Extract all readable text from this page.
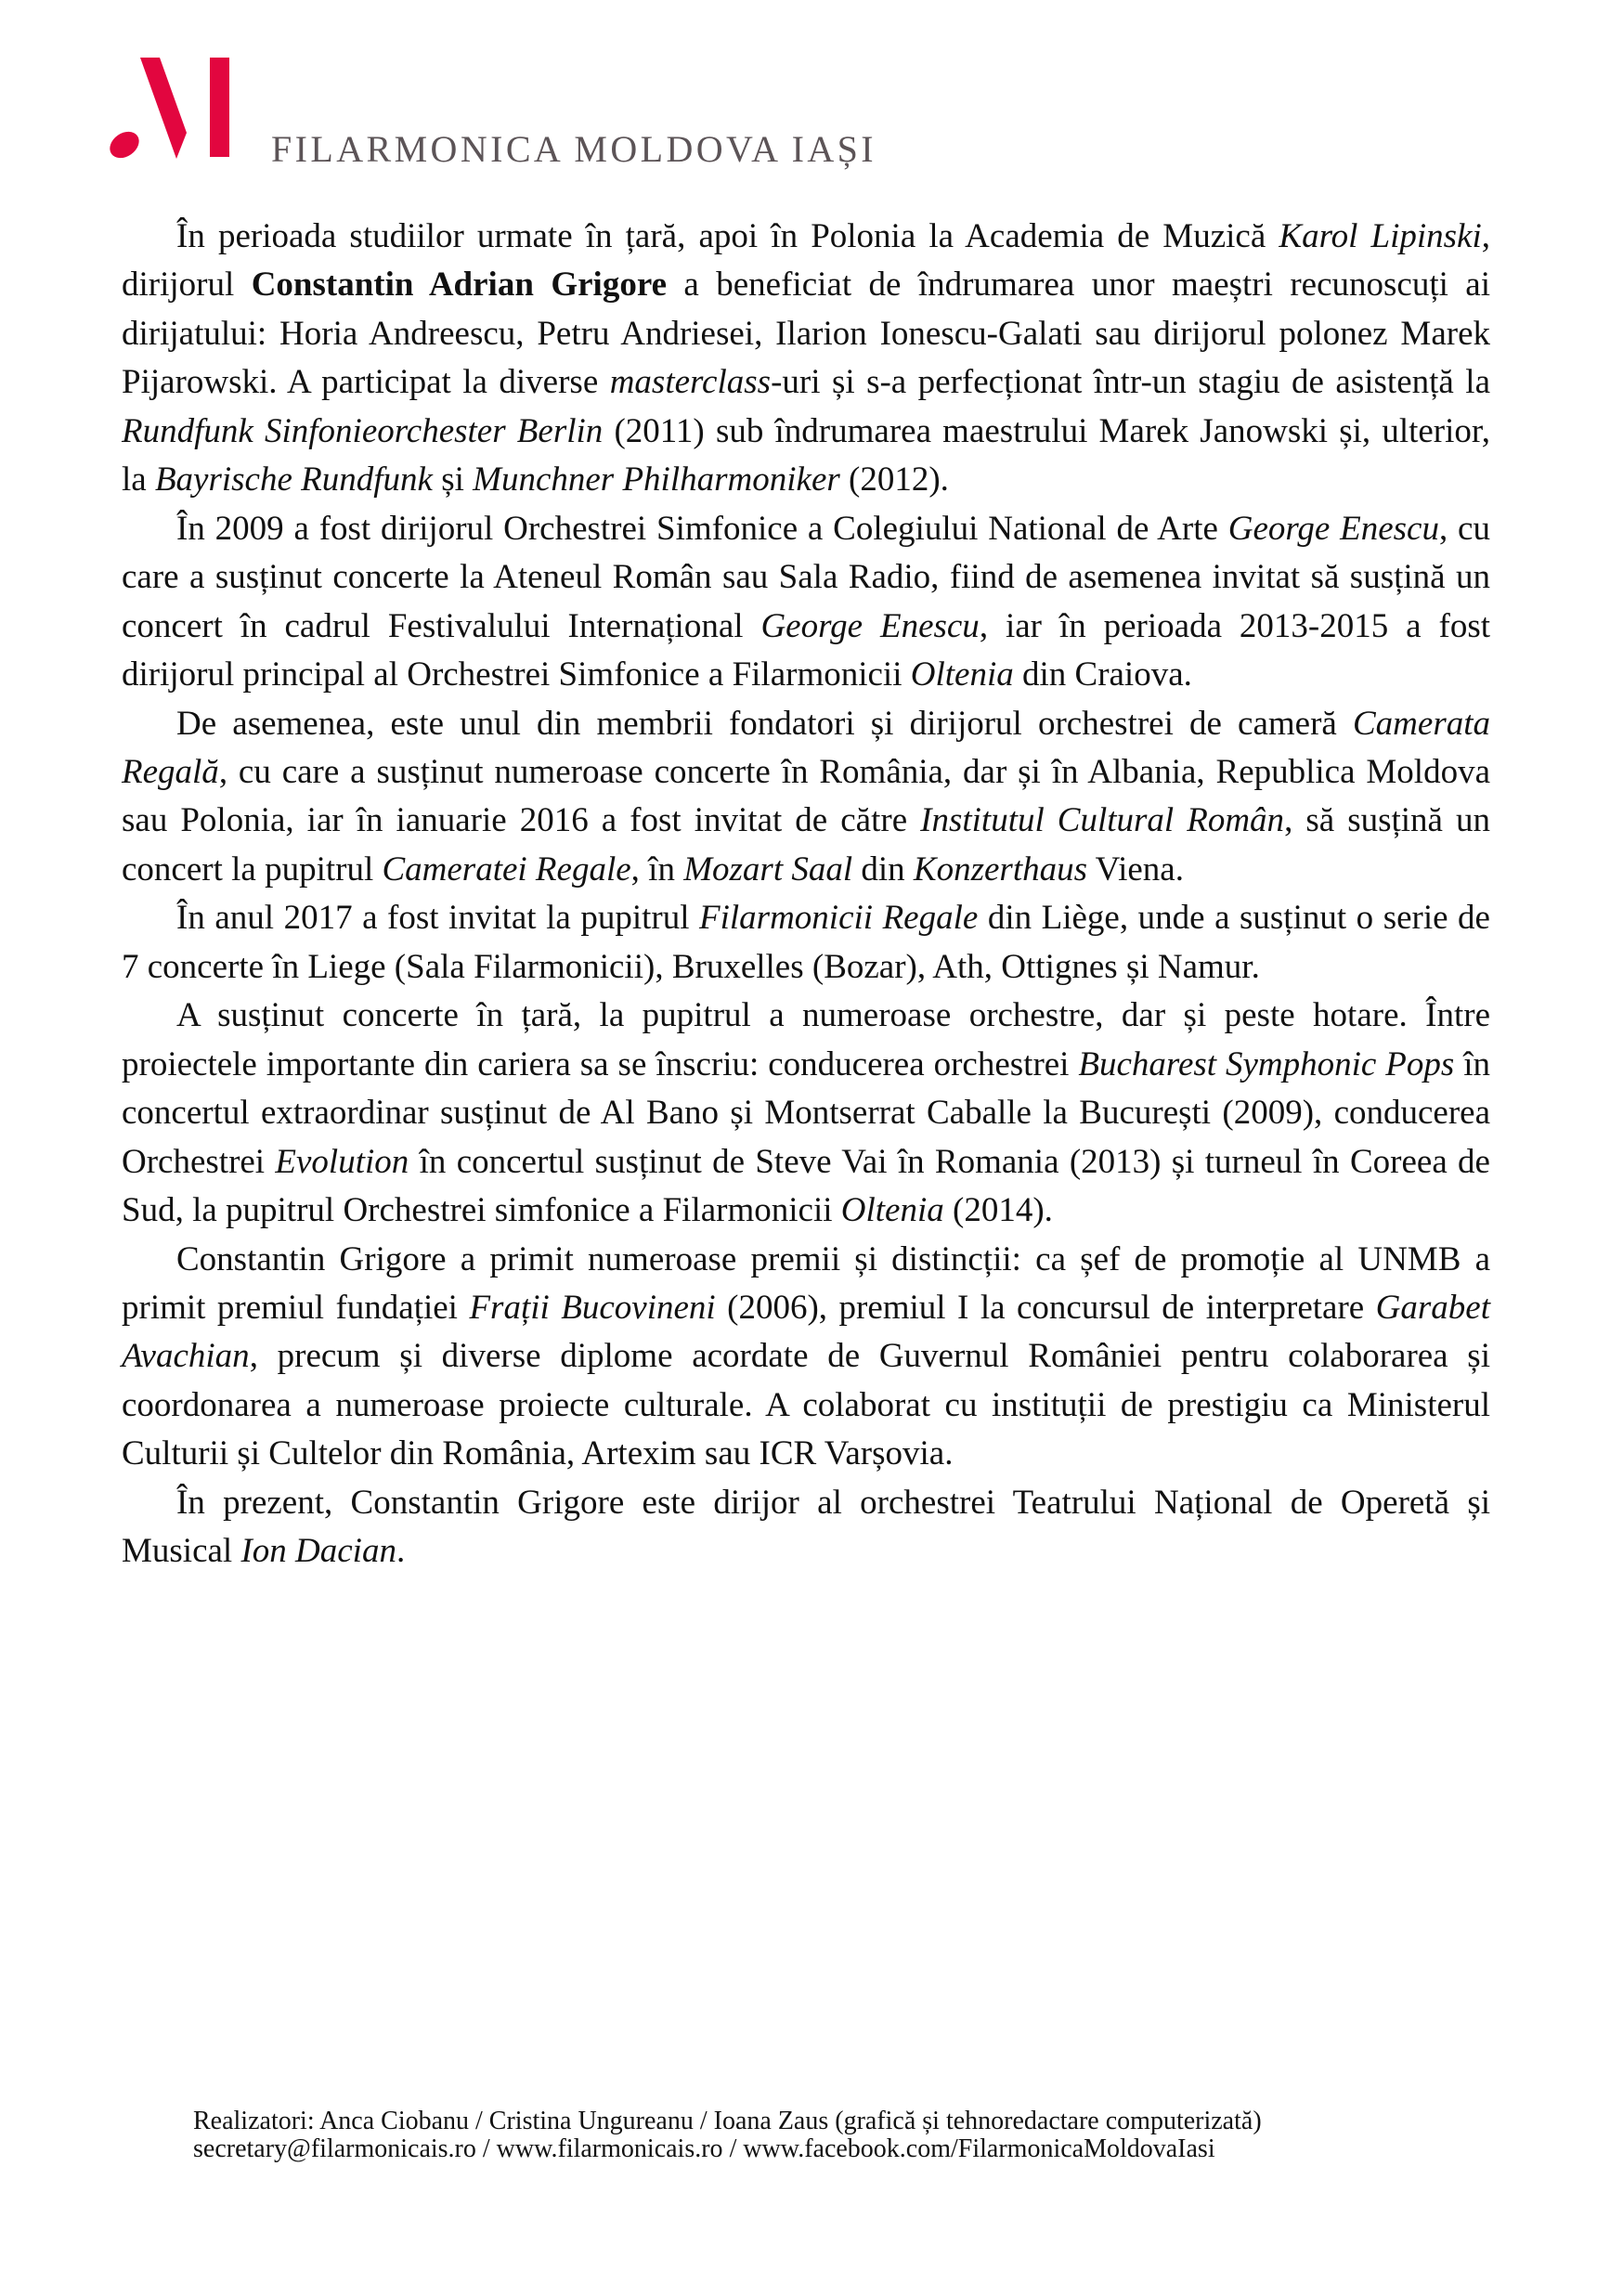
FILARMONICA MOLDOVA IAȘI

În perioada studiilor urmate în țară, apoi în Polonia la Academia de Muzică Karol Lipinski, dirijorul Constantin Adrian Grigore a beneficiat de îndrumarea unor maeștri recunoscuți ai dirijatului: Horia Andreescu, Petru Andriesei, Ilarion Ionescu-Galati sau dirijorul polonez Marek Pijarowski. A participat la diverse masterclass-uri și s-a perfecționat într-un stagiu de asistență la Rundfunk Sinfonieorchester Berlin (2011) sub îndrumarea maestrului Marek Janowski și, ulterior, la Bayrische Rundfunk și Munchner Philharmoniker (2012).

În 2009 a fost dirijorul Orchestrei Simfonice a Colegiului National de Arte George Enescu, cu care a susținut concerte la Ateneul Român sau Sala Radio, fiind de asemenea invitat să susțină un concert în cadrul Festivalului Internațional George Enescu, iar în perioada 2013-2015 a fost dirijorul principal al Orchestrei Simfonice a Filarmonicii Oltenia din Craiova.

De asemenea, este unul din membrii fondatori și dirijorul orchestrei de cameră Camerata Regală, cu care a susținut numeroase concerte în România, dar și în Albania, Republica Moldova sau Polonia, iar în ianuarie 2016 a fost invitat de către Institutul Cultural Român, să susțină un concert la pupitrul Cameratei Regale, în Mozart Saal din Konzerthaus Viena.

În anul 2017 a fost invitat la pupitrul Filarmonicii Regale din Liège, unde a susținut o serie de 7 concerte în Liege (Sala Filarmonicii), Bruxelles (Bozar), Ath, Ottignes și Namur.

A susținut concerte în țară, la pupitrul a numeroase orchestre, dar și peste hotare. Între proiectele importante din cariera sa se înscriu: conducerea orchestrei Bucharest Symphonic Pops în concertul extraordinar susținut de Al Bano și Montserrat Caballe la București (2009), conducerea Orchestrei Evolution în concertul susținut de Steve Vai în Romania (2013) și turneul în Coreea de Sud, la pupitrul Orchestrei simfonice a Filarmonicii Oltenia (2014).

Constantin Grigore a primit numeroase premii și distincții: ca șef de promoție al UNMB a primit premiul fundației Frații Bucovineni (2006), premiul I la concursul de interpretare Garabet Avachian, precum și diverse diplome acordate de Guvernul României pentru colaborarea și coordonarea a numeroase proiecte culturale. A colaborat cu instituții de prestigiu ca Ministerul Culturii și Cultelor din România, Artexim sau ICR Varșovia.

În prezent, Constantin Grigore este dirijor al orchestrei Teatrului Național de Operetă și Musical Ion Dacian.

Realizatori: Anca Ciobanu / Cristina Ungureanu / Ioana Zaus (grafică și tehnoredactare computerizată)
secretary@filarmonicais.ro / www.filarmonicais.ro / www.facebook.com/FilarmonicaMoldovaIasi
